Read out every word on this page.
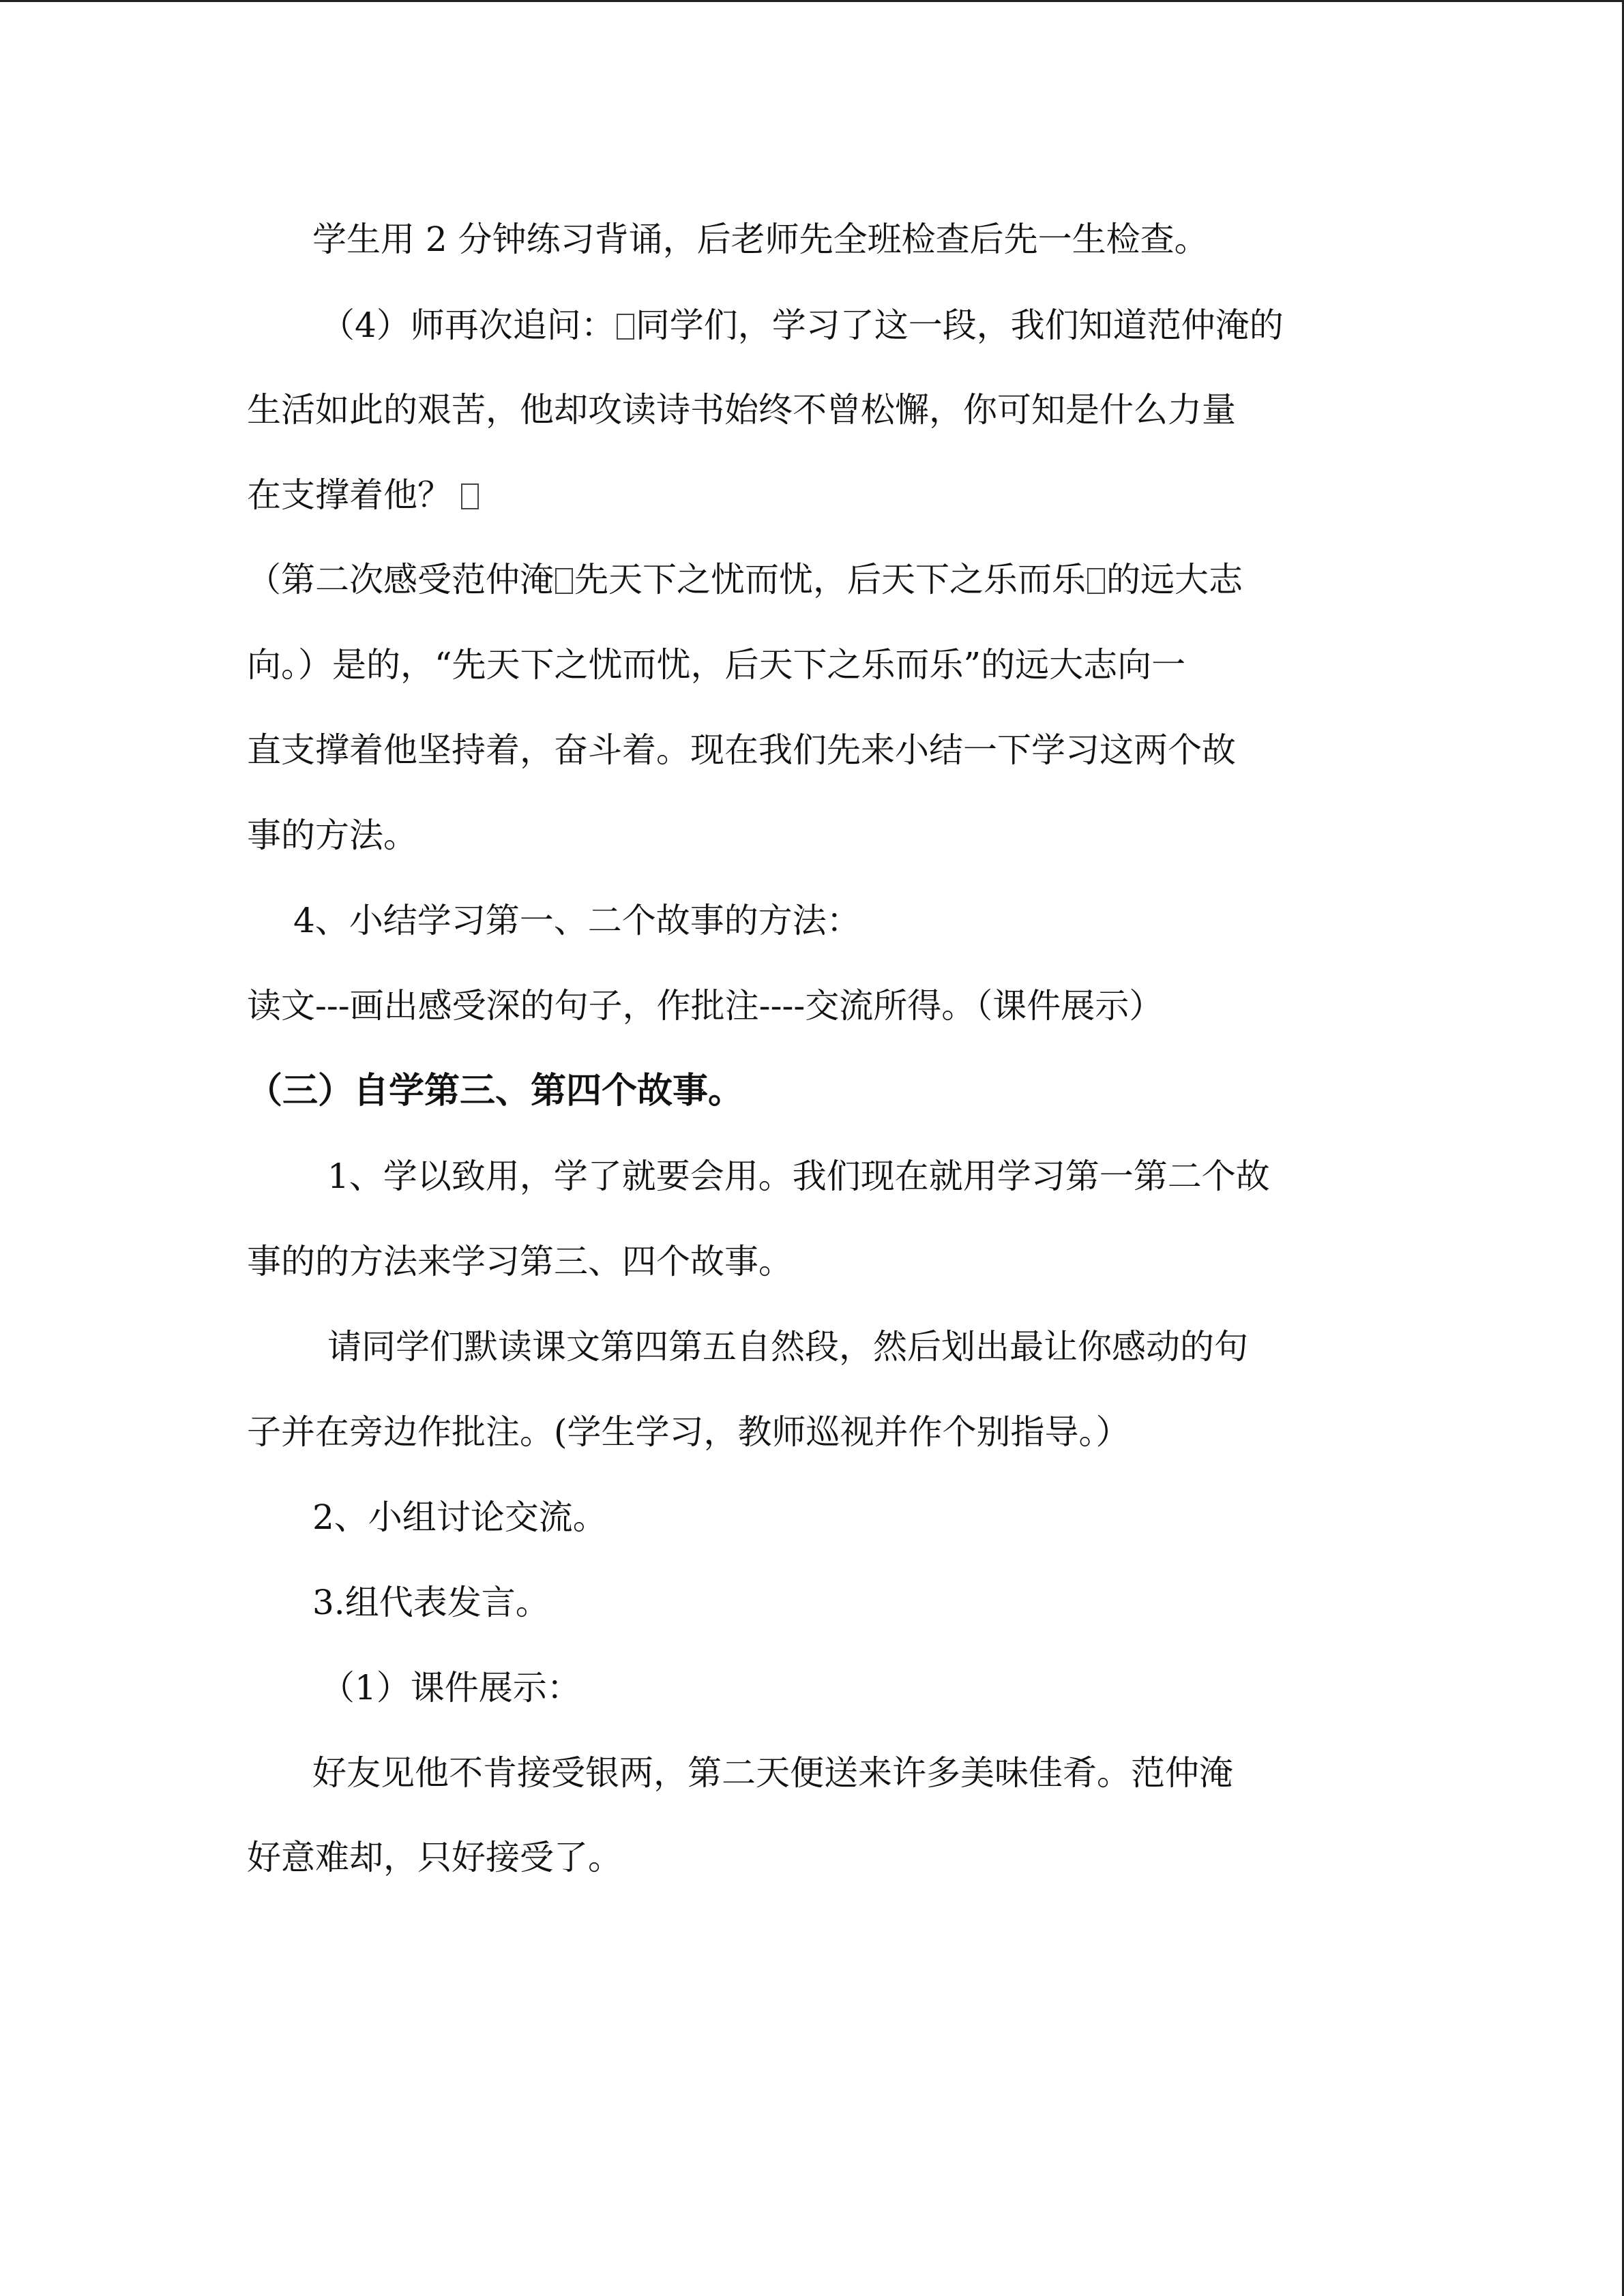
学生用 2 分钟练习背诵，后老师先全班检查后先一生检查。
（4）师再次追问： 同学们，学习了这一段，我们知道范仲淹的
生活如此的艰苦，他却攻读诗书始终不曾松懈，你可知是什么力量
在支撑着他？
（第二次感受范仲淹 先天下之忧而忧，后天下之乐而乐 的远大志
向。）是的，“先天下之忧而忧，后天下之乐而乐”的远大志向一
直支撑着他坚持着，奋斗着。现在我们先来小结一下学习这两个故
事的方法。
4、小结学习第一、二个故事的方法：
读文---画出感受深的句子，作批注----交流所得。（课件展示）
（三）自学第三、第四个故事。
1、学以致用，学了就要会用。我们现在就用学习第一第二个故
事的的方法来学习第三、四个故事。
请同学们默读课文第四第五自然段，然后划出最让你感动的句
子并在旁边作批注。(学生学习，教师巡视并作个别指导。）
2、小组讨论交流。
3.组代表发言。
（1）课件展示：
好友见他不肯接受银两，第二天便送来许多美味佳肴。范仲淹
好意难却，只好接受了。
